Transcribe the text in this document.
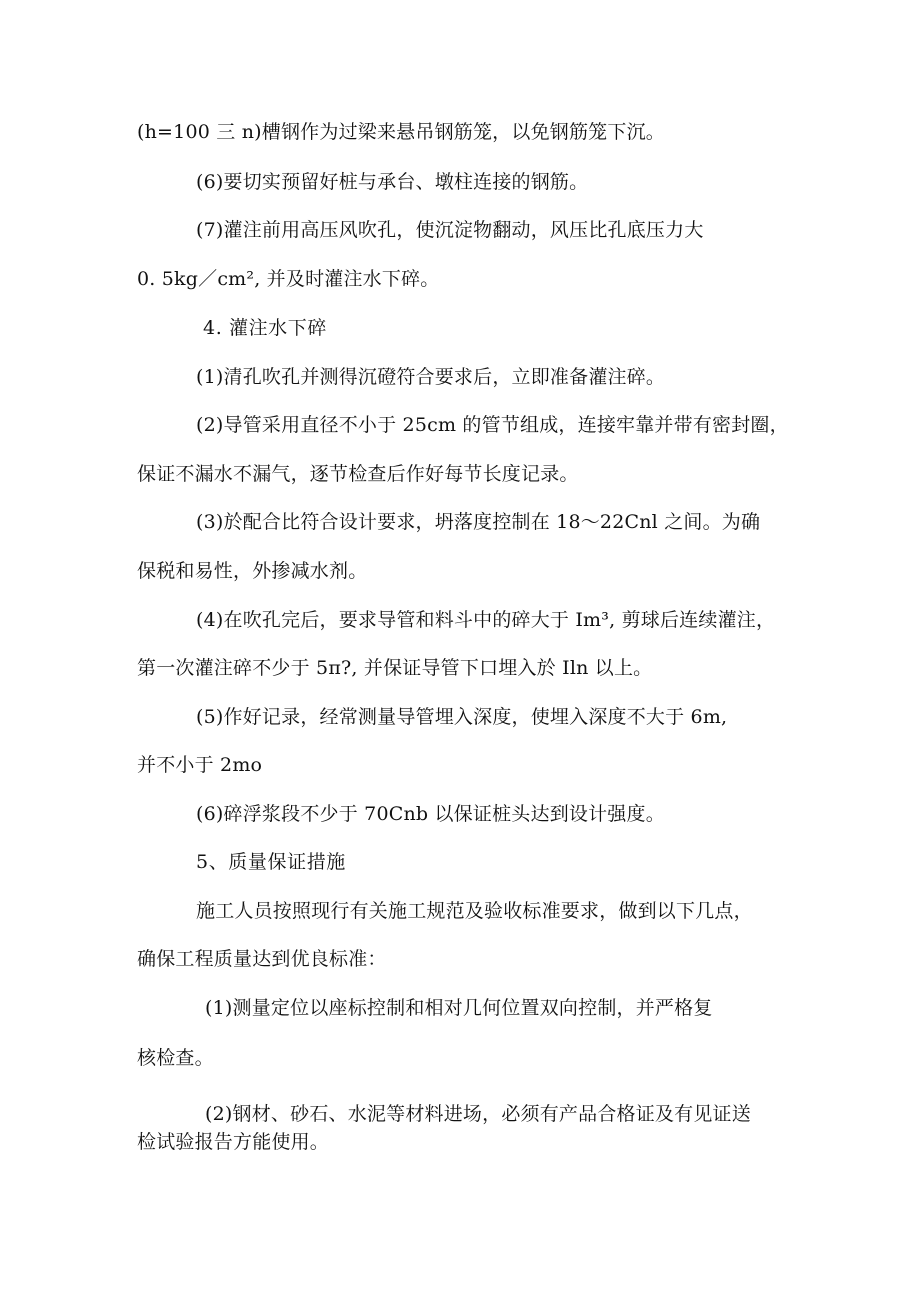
(h=100 三 n)槽钢作为过梁来悬吊钢筋笼，以免钢筋笼下沉。
(6)要切实预留好桩与承台、墩柱连接的钢筋。
(7)灌注前用高压风吹孔，使沉淀物翻动，风压比孔底压力大
0. 5kg／cm², 并及时灌注水下碎。
4. 灌注水下碎
(1)清孔吹孔并测得沉磴符合要求后，立即准备灌注碎。
(2)导管采用直径不小于 25cm 的管节组成，连接牢靠并带有密封圈，
保证不漏水不漏气，逐节检查后作好每节长度记录。
(3)於配合比符合设计要求，坍落度控制在 18～22Cnl 之间。为确
保税和易性，外掺减水剂。
(4)在吹孔完后，要求导管和料斗中的碎大于 Im³, 剪球后连续灌注，
第一次灌注碎不少于 5π?, 并保证导管下口埋入於 Iln 以上。
(5)作好记录，经常测量导管埋入深度，使埋入深度不大于 6m,
并不小于 2mo
(6)碎浮浆段不少于 70Cnb 以保证桩头达到设计强度。
5、质量保证措施
施工人员按照现行有关施工规范及验收标准要求，做到以下几点，
确保工程质量达到优良标准：
(1)测量定位以座标控制和相对几何位置双向控制，并严格复
核检查。
(2)钢材、砂石、水泥等材料进场，必须有产品合格证及有见证送
检试验报告方能使用。
